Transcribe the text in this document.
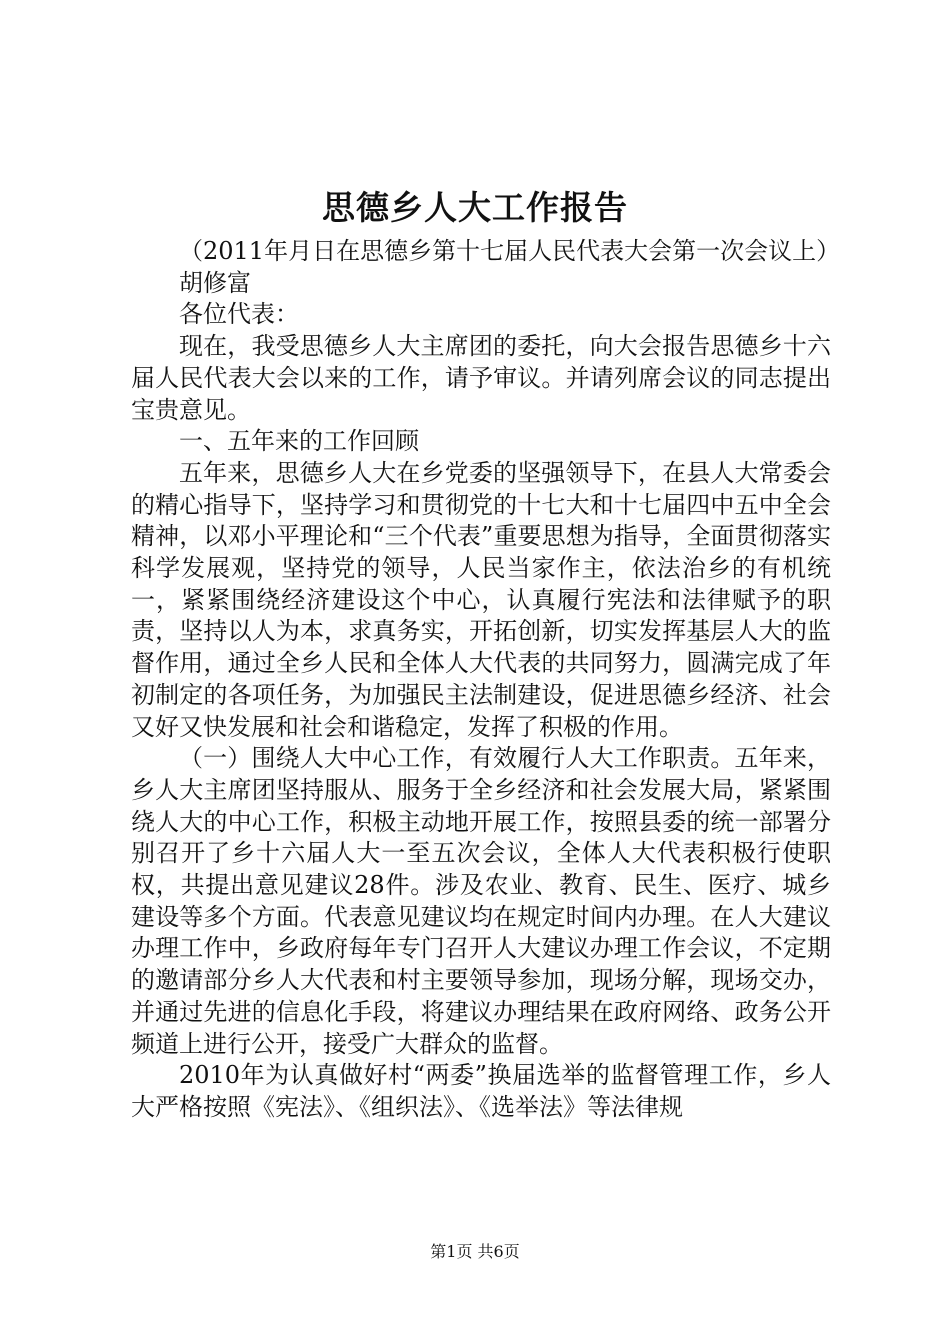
思德乡人大工作报告

（2011年月日在思德乡第十七届人民代表大会第一次会议上）

胡修富

各位代表：

现在，我受思德乡人大主席团的委托，向大会报告思德乡十六届人民代表大会以来的工作，请予审议。并请列席会议的同志提出宝贵意见。

一、五年来的工作回顾

五年来，思德乡人大在乡党委的坚强领导下，在县人大常委会的精心指导下，坚持学习和贯彻党的十七大和十七届四中五中全会精神，以邓小平理论和“三个代表”重要思想为指导，全面贯彻落实科学发展观，坚持党的领导，人民当家作主，依法治乡的有机统一，紧紧围绕经济建设这个中心，认真履行宪法和法律赋予的职责，坚持以人为本，求真务实，开拓创新，切实发挥基层人大的监督作用，通过全乡人民和全体人大代表的共同努力，圆满完成了年初制定的各项任务，为加强民主法制建设，促进思德乡经济、社会又好又快发展和社会和谐稳定，发挥了积极的作用。

（一）围绕人大中心工作，有效履行人大工作职责。五年来，乡人大主席团坚持服从、服务于全乡经济和社会发展大局，紧紧围绕人大的中心工作，积极主动地开展工作，按照县委的统一部署分别召开了乡十六届人大一至五次会议，全体人大代表积极行使职权，共提出意见建议28件。涉及农业、教育、民生、医疗、城乡建设等多个方面。代表意见建议均在规定时间内办理。在人大建议办理工作中，乡政府每年专门召开人大建议办理工作会议，不定期的邀请部分乡人大代表和村主要领导参加，现场分解，现场交办，并通过先进的信息化手段，将建议办理结果在政府网络、政务公开频道上进行公开，接受广大群众的监督。

2010年为认真做好村“两委”换届选举的监督管理工作，乡人大严格按照《宪法》、《组织法》、《选举法》等法律规

第1页 共6页
